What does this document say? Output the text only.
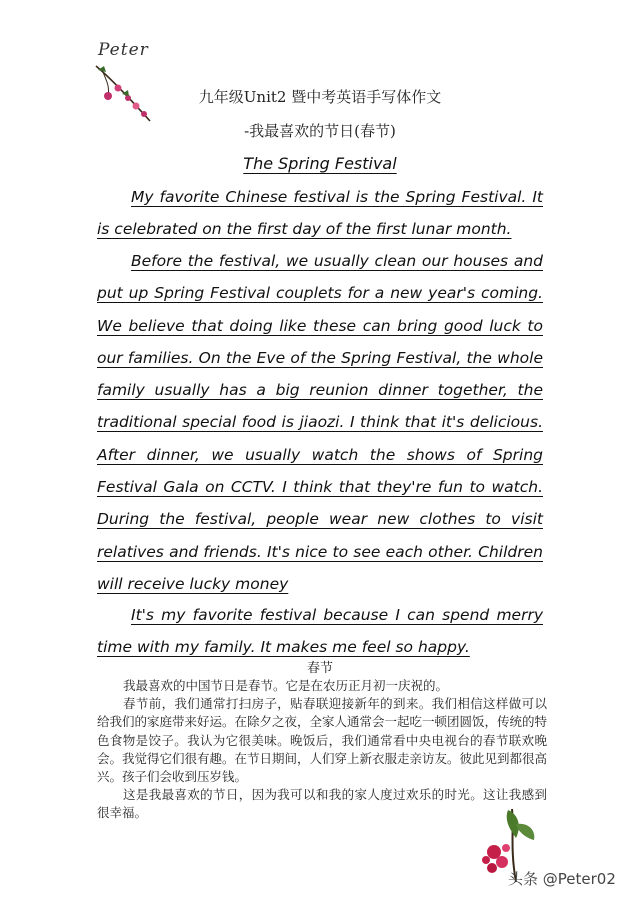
Peter
九年级Unit2 暨中考英语手写体作文
-我最喜欢的节日(春节)
The Spring Festival

My favorite Chinese festival is the Spring Festival. It is celebrated on the first day of the first lunar month.

Before the festival, we usually clean our houses and put up Spring Festival couplets for a new year's coming. We believe that doing like these can bring good luck to our families. On the Eve of the Spring Festival, the whole family usually has a big reunion dinner together, the traditional special food is jiaozi. I think that it's delicious. After dinner, we usually watch the shows of Spring Festival Gala on CCTV. I think that they're fun to watch. During the festival, people wear new clothes to visit relatives and friends. It's nice to see each other. Children will receive lucky money

It's my favorite festival because I can spend merry time with my family. It makes me feel so happy.

春节

我最喜欢的中国节日是春节。它是在农历正月初一庆祝的。

春节前，我们通常打扫房子，贴春联迎接新年的到来。我们相信这样做可以给我们的家庭带来好运。在除夕之夜，全家人通常会一起吃一顿团圆饭，传统的特色食物是饺子。我认为它很美味。晚饭后，我们通常看中央电视台的春节联欢晚会。我觉得它们很有趣。在节日期间，人们穿上新衣服走亲访友。彼此见到都很高兴。孩子们会收到压岁钱。

这是我最喜欢的节日，因为我可以和我的家人度过欢乐的时光。这让我感到很幸福。

头条 @Peter02
